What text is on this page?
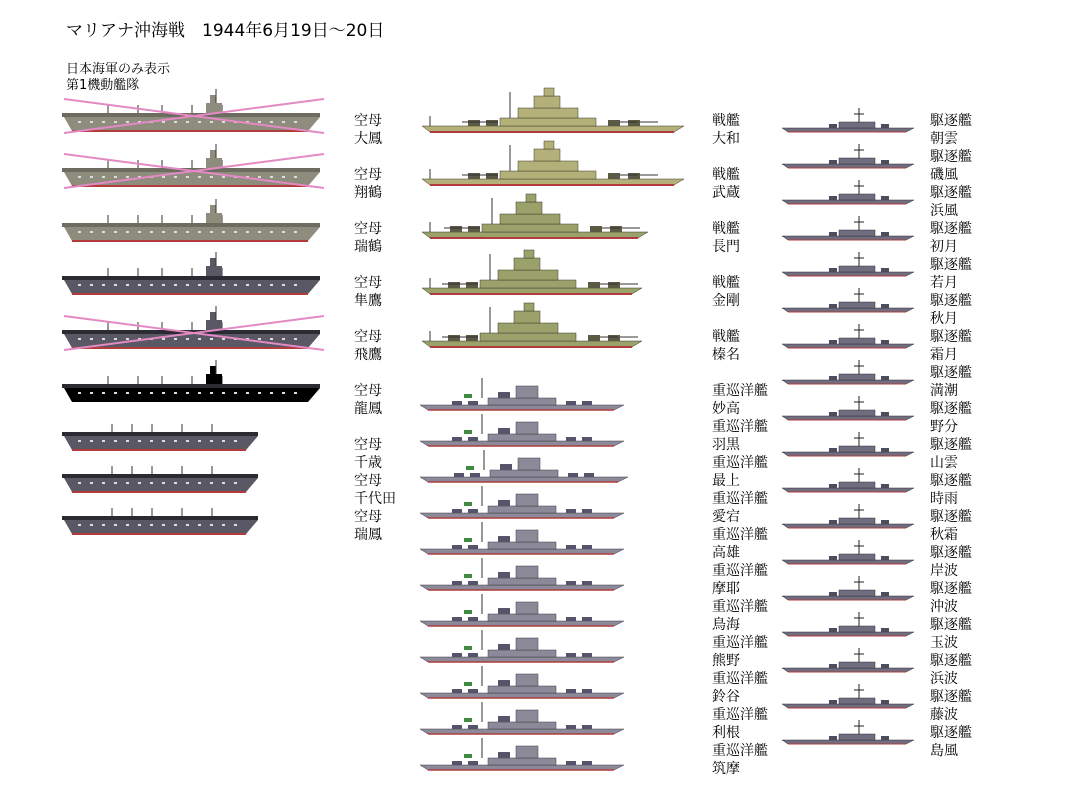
マリアナ沖海戦　1944年6月19日～20日
日本海軍のみ表示
第1機動艦隊
空母
大鳳
空母
翔鶴
空母
瑞鶴
空母
隼鷹
空母
飛鷹
空母
龍鳳
空母
千歳
空母
千代田
空母
瑞鳳
戦艦
大和
戦艦
武蔵
戦艦
長門
戦艦
金剛
戦艦
榛名
重巡洋艦
妙高
重巡洋艦
羽黒
重巡洋艦
最上
重巡洋艦
愛宕
重巡洋艦
高雄
重巡洋艦
摩耶
重巡洋艦
鳥海
重巡洋艦
熊野
重巡洋艦
鈴谷
重巡洋艦
利根
重巡洋艦
筑摩
駆逐艦
朝雲
駆逐艦
磯風
駆逐艦
浜風
駆逐艦
初月
駆逐艦
若月
駆逐艦
秋月
駆逐艦
霜月
駆逐艦
満潮
駆逐艦
野分
駆逐艦
山雲
駆逐艦
時雨
駆逐艦
秋霜
駆逐艦
岸波
駆逐艦
沖波
駆逐艦
玉波
駆逐艦
浜波
駆逐艦
藤波
駆逐艦
島風
